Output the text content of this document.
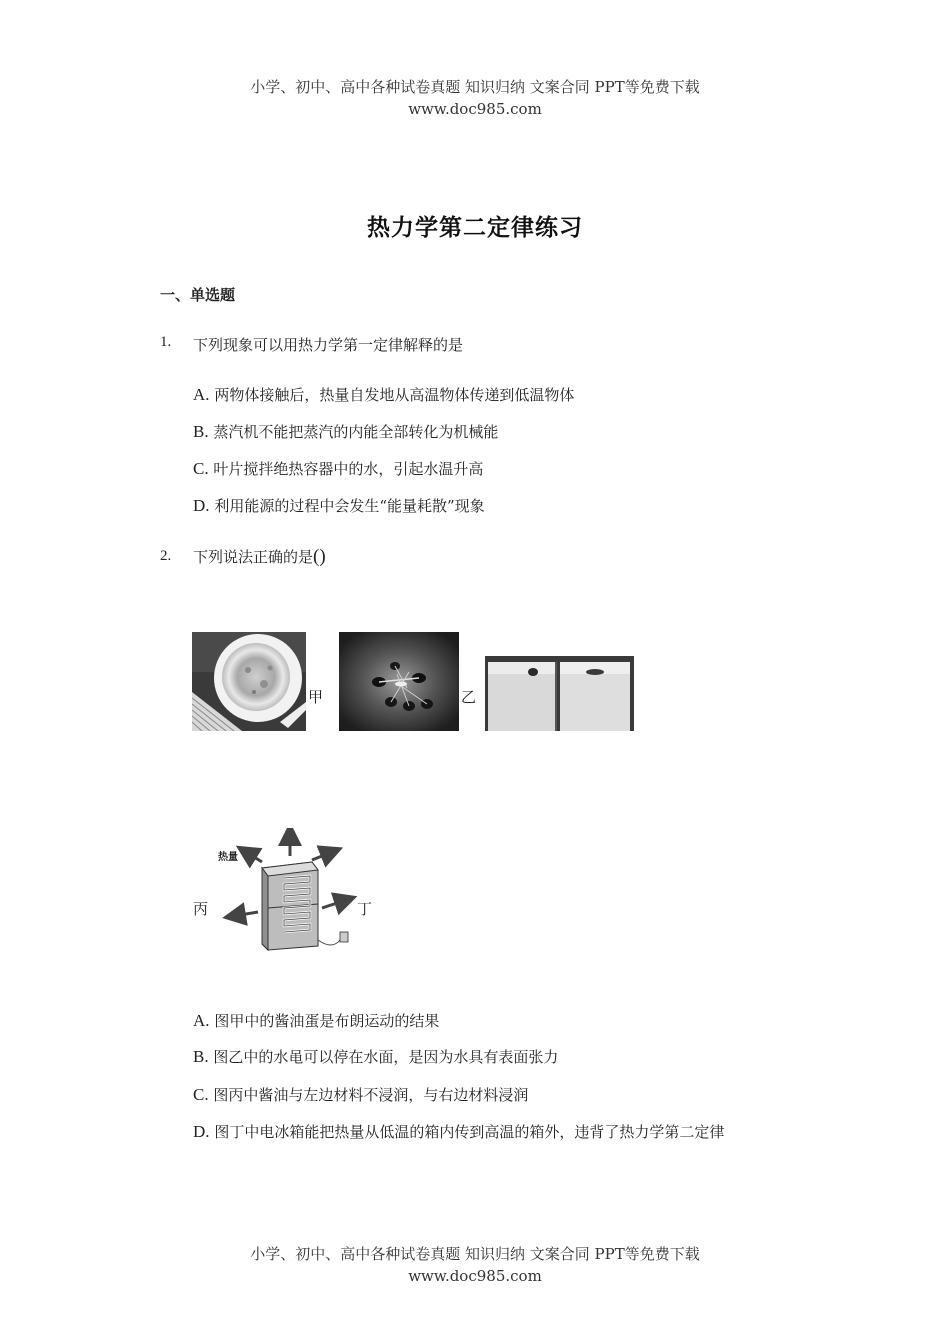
小学、初中、高中各种试卷真题 知识归纳 文案合同 PPT等免费下载
www.doc985.com
热力学第二定律练习
一、单选题
1. 下列现象可以用热力学第一定律解释的是
A. 两物体接触后，热量自发地从高温物体传递到低温物体
B. 蒸汽机不能把蒸汽的内能全部转化为机械能
C. 叶片搅拌绝热容器中的水，引起水温升高
D. 利用能源的过程中会发生“能量耗散”现象
2. 下列说法正确的是()
甲	乙
丙
热量
丁
A. 图甲中的酱油蛋是布朗运动的结果
B. 图乙中的水黾可以停在水面，是因为水具有表面张力
C. 图丙中酱油与左边材料不浸润，与右边材料浸润
D. 图丁中电冰箱能把热量从低温的箱内传到高温的箱外，违背了热力学第二定律
小学、初中、高中各种试卷真题 知识归纳 文案合同 PPT等免费下载
www.doc985.com
